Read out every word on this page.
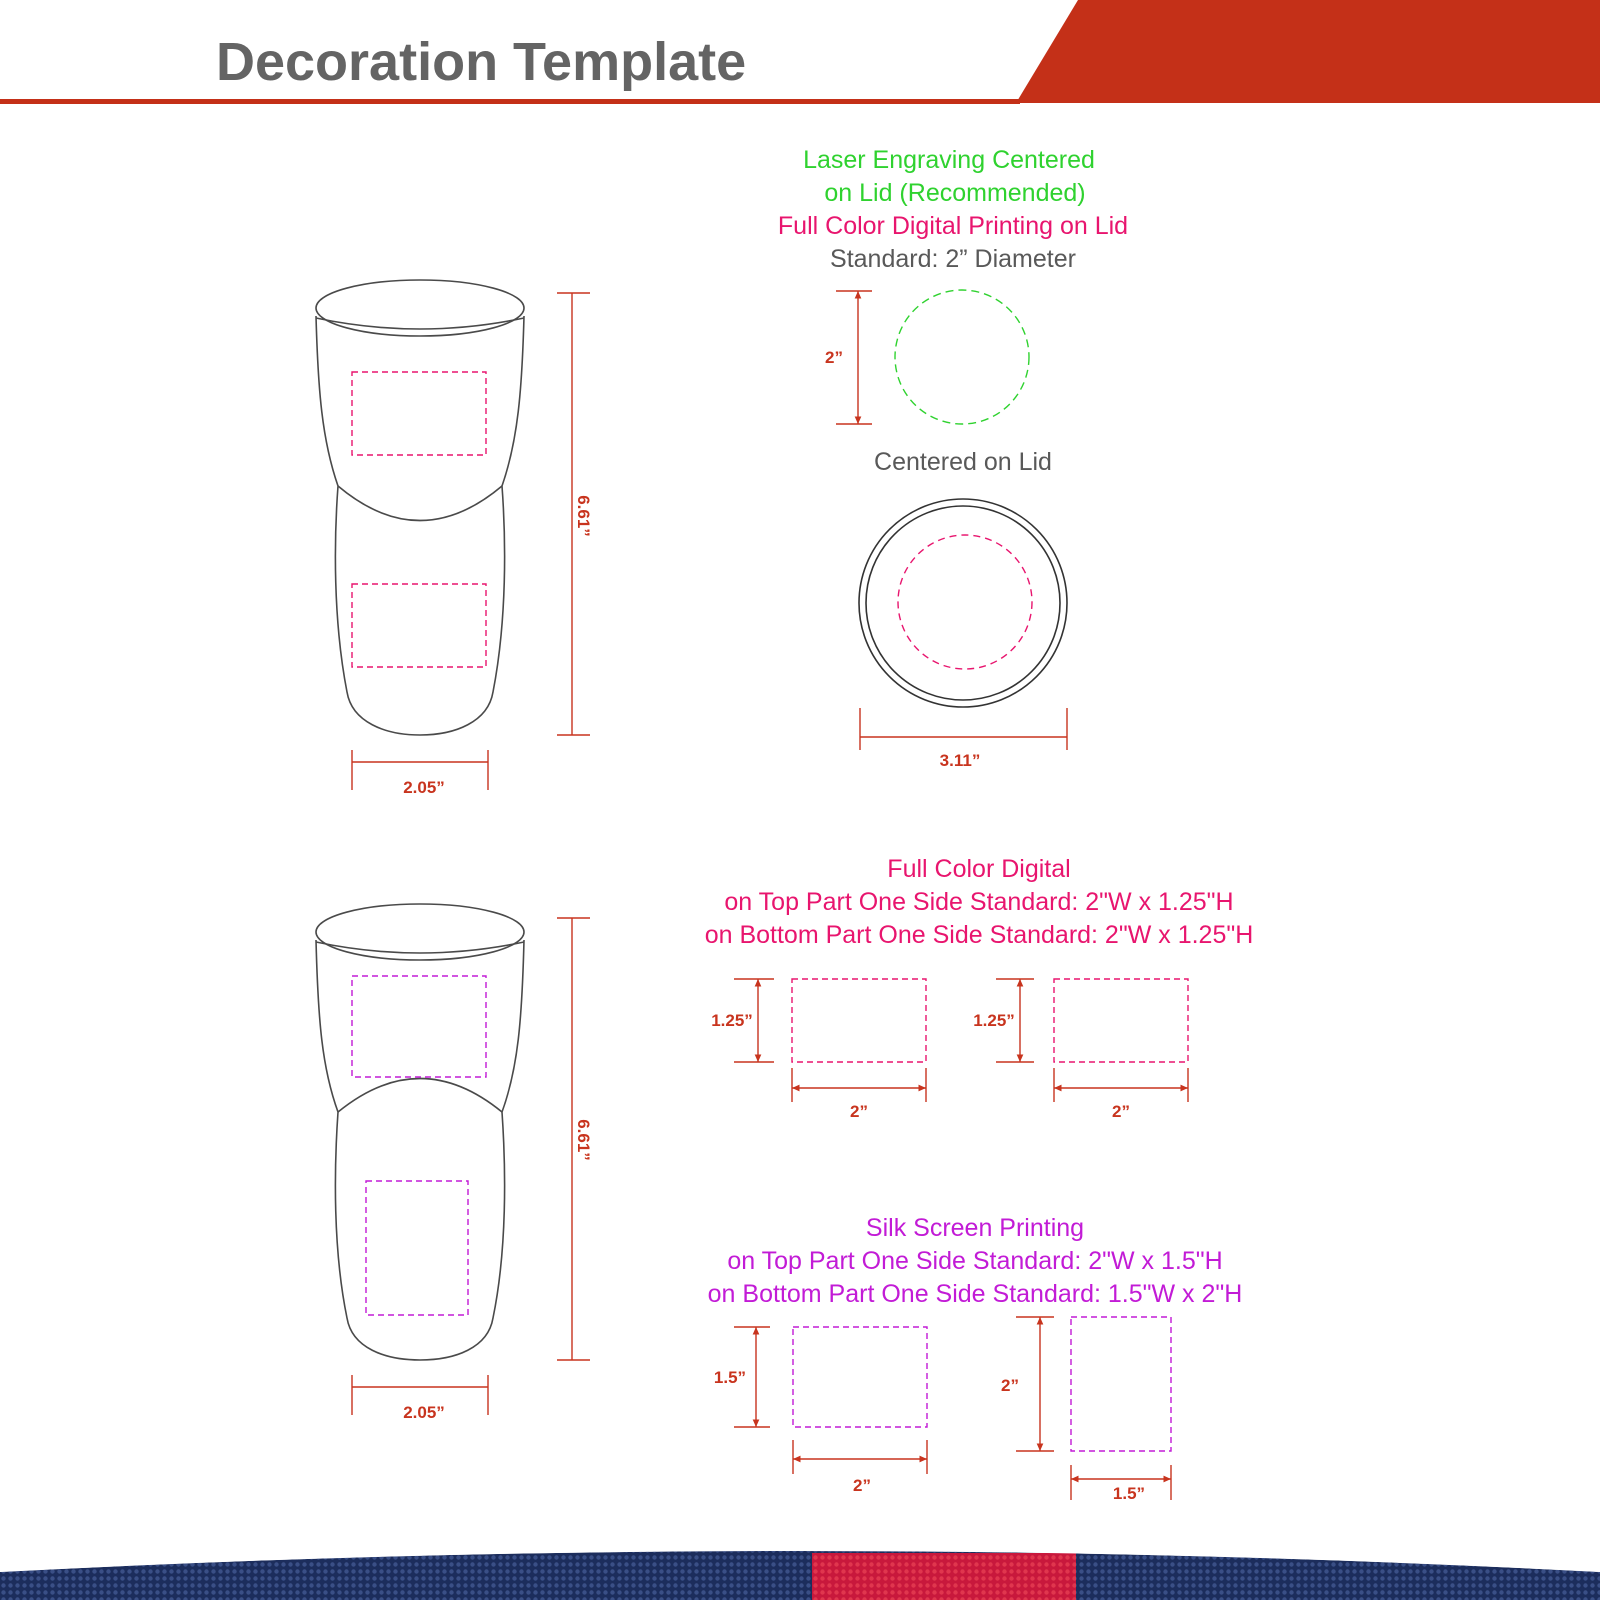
Decoration Template
6.61”
2.05”
Laser Engraving Centered
on Lid (Recommended)
Full Color Digital Printing on Lid
Standard: 2” Diameter
2”
Centered on Lid
3.11”
6.61”
2.05”
Full Color Digital
on Top Part One Side Standard: 2"W x 1.25"H
on Bottom Part One Side Standard: 2"W x 1.25"H
1.25”
2”
1.25”
2”
Silk Screen Printing
on Top Part One Side Standard: 2"W x 1.5"H
on Bottom Part One Side Standard: 1.5"W x 2"H
1.5”
2”
2”
1.5”
